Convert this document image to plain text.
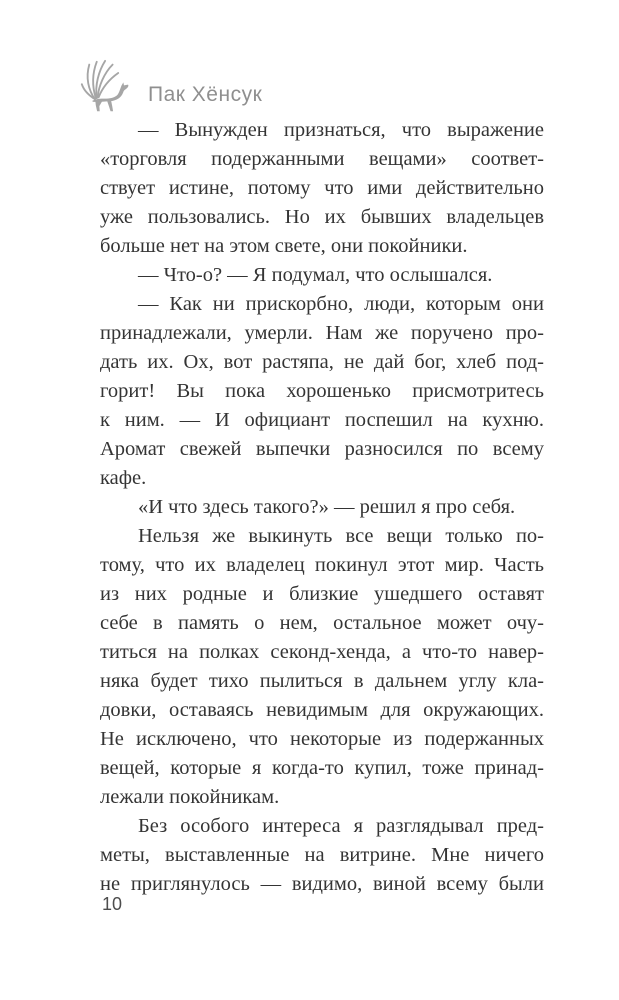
Пак Хёнсук
— Вынужден признаться, что выражение
«торговля подержанными вещами» соответ-
ствует истине, потому что ими действительно
уже пользовались. Но их бывших владельцев
больше нет на этом свете, они покойники.
— Что-о? — Я подумал, что ослышался.
— Как ни прискорбно, люди, которым они
принадлежали, умерли. Нам же поручено про-
дать их. Ох, вот растяпа, не дай бог, хлеб под-
горит! Вы пока хорошенько присмотритесь
к ним. — И официант поспешил на кухню.
Аромат свежей выпечки разносился по всему
кафе.
«И что здесь такого?» — решил я про себя.
Нельзя же выкинуть все вещи только по-
тому, что их владелец покинул этот мир. Часть
из них родные и близкие ушедшего оставят
себе в память о нем, остальное может очу-
титься на полках секонд-хенда, а что-то навер-
няка будет тихо пылиться в дальнем углу кла-
довки, оставаясь невидимым для окружающих.
Не исключено, что некоторые из подержанных
вещей, которые я когда-то купил, тоже принад-
лежали покойникам.
Без особого интереса я разглядывал пред-
меты, выставленные на витрине. Мне ничего
не приглянулось — видимо, виной всему были
10
